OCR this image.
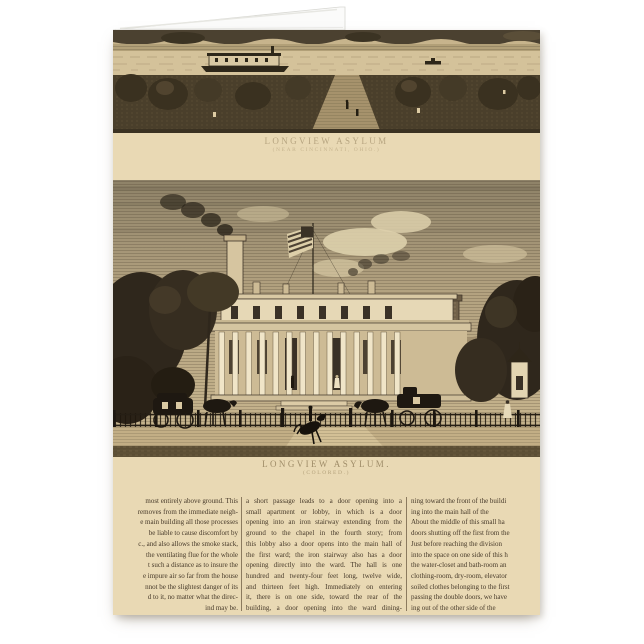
LONGVIEW ASYLUM
(NEAR CINCINNATI, OHIO.)
LONGVIEW ASYLUM.
(COLORED.)
most entirely above ground. This
removes from the immediate neigh-
e main building all those processes
be liable to cause discomfort by
c., and also allows the smoke stack,
the ventilating flue for the whole
t such a distance as to insure the
e impure air so far from the house
nnot be the slightest danger of its
d to it, no matter what the direc-
ind may be.
a short passage leads to a door opening into a
small apartment or lobby, in which is a door
opening into an iron stairway extending from the
ground to the chapel in the fourth story; from
this lobby also a door opens into the main hall of
the first ward; the iron stairway also has a door
opening directly into the ward. The hall is one
hundred and twenty-four feet long, twelve wide,
and thirteen feet high. Immediately on entering
it, there is on one side, toward the rear of the
building, a door opening into the ward dining-
ning toward the front of the buildi
ing into the main hall of the
About the middle of this small ha
doors shutting off the first from the
Just before reaching the division
into the space on one side of this h
the water-closet and bath-room an
clothing-room, dry-room, elevator
soiled clothes belonging to the first
passing the double doors, we have
ing out of the other side of the
